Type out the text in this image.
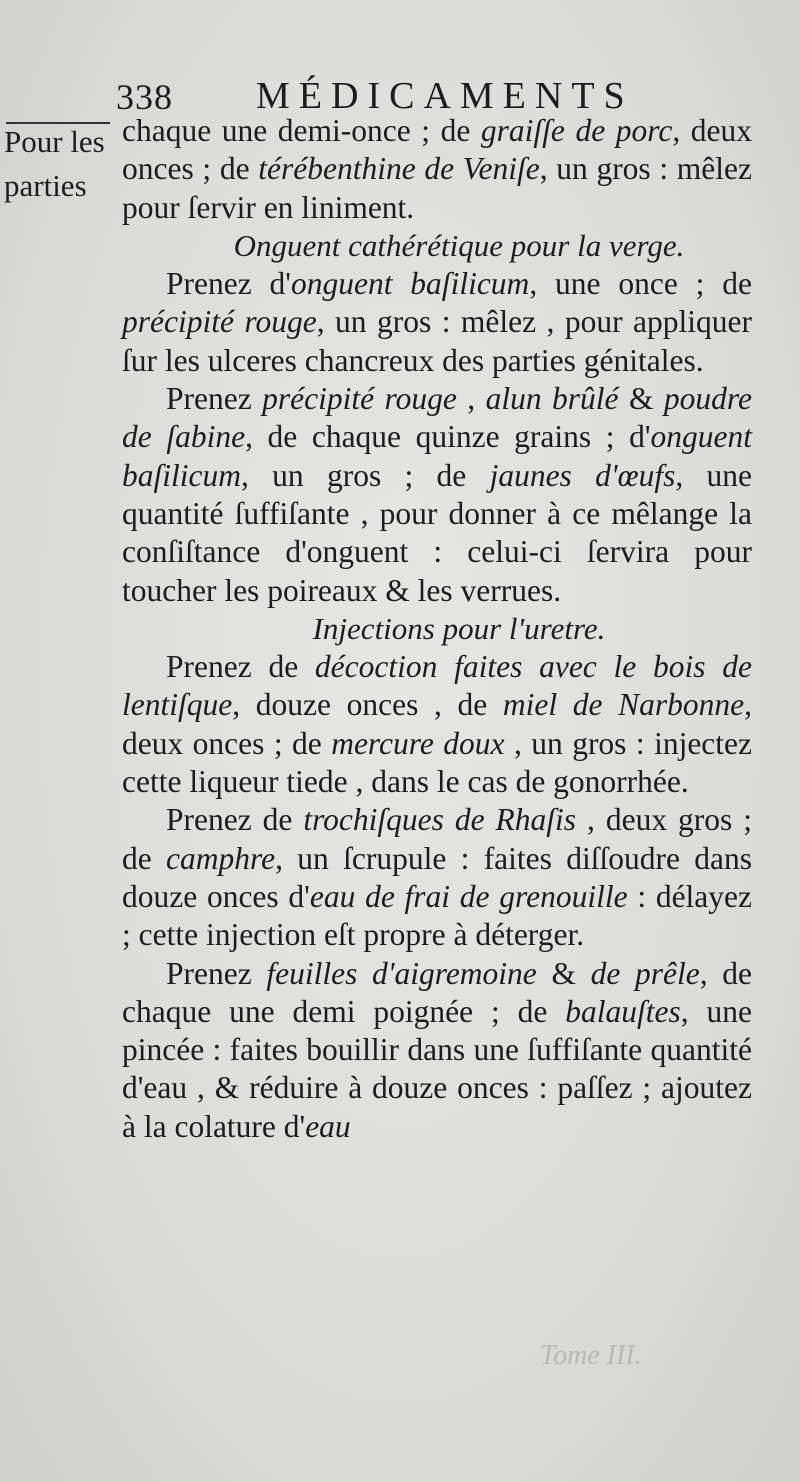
338 MÉDICAMENTS
Pour les parties

chaque une demi-once ; de graiſſe de porc, deux onces ; de térébenthine de Veniſe, un gros : mêlez pour ſervir en liniment.

Onguent cathérétique pour la verge.

Prenez d'onguent baſilicum, une once ; de précipité rouge, un gros : mêlez , pour appliquer ſur les ulceres chancreux des parties génitales.

Prenez précipité rouge , alun brûlé & poudre de ſabine, de chaque quinze grains ; d'onguent baſilicum, un gros ; de jaunes d'œufs, une quantité ſuffiſante , pour donner à ce mêlange la conſiſtance d'onguent : celui-ci ſervira pour toucher les poireaux & les verrues.

Injections pour l'uretre.

Prenez de décoction faites avec le bois de lentiſque, douze onces , de miel de Narbonne, deux onces ; de mercure doux , un gros : injectez cette liqueur tiede , dans le cas de gonorrhée.

Prenez de trochiſques de Rhaſis , deux gros ; de camphre, un ſcrupule : faites diſſoudre dans douze onces d'eau de frai de grenouille : délayez ; cette injection eſt propre à déterger.

Prenez feuilles d'aigremoine & de prêle, de chaque une demi poignée ; de balauſtes, une pincée : faites bouillir dans une ſuffiſante quantité d'eau , & réduire à douze onces : paſſez ; ajoutez à la colature d'eau

Tome III.
